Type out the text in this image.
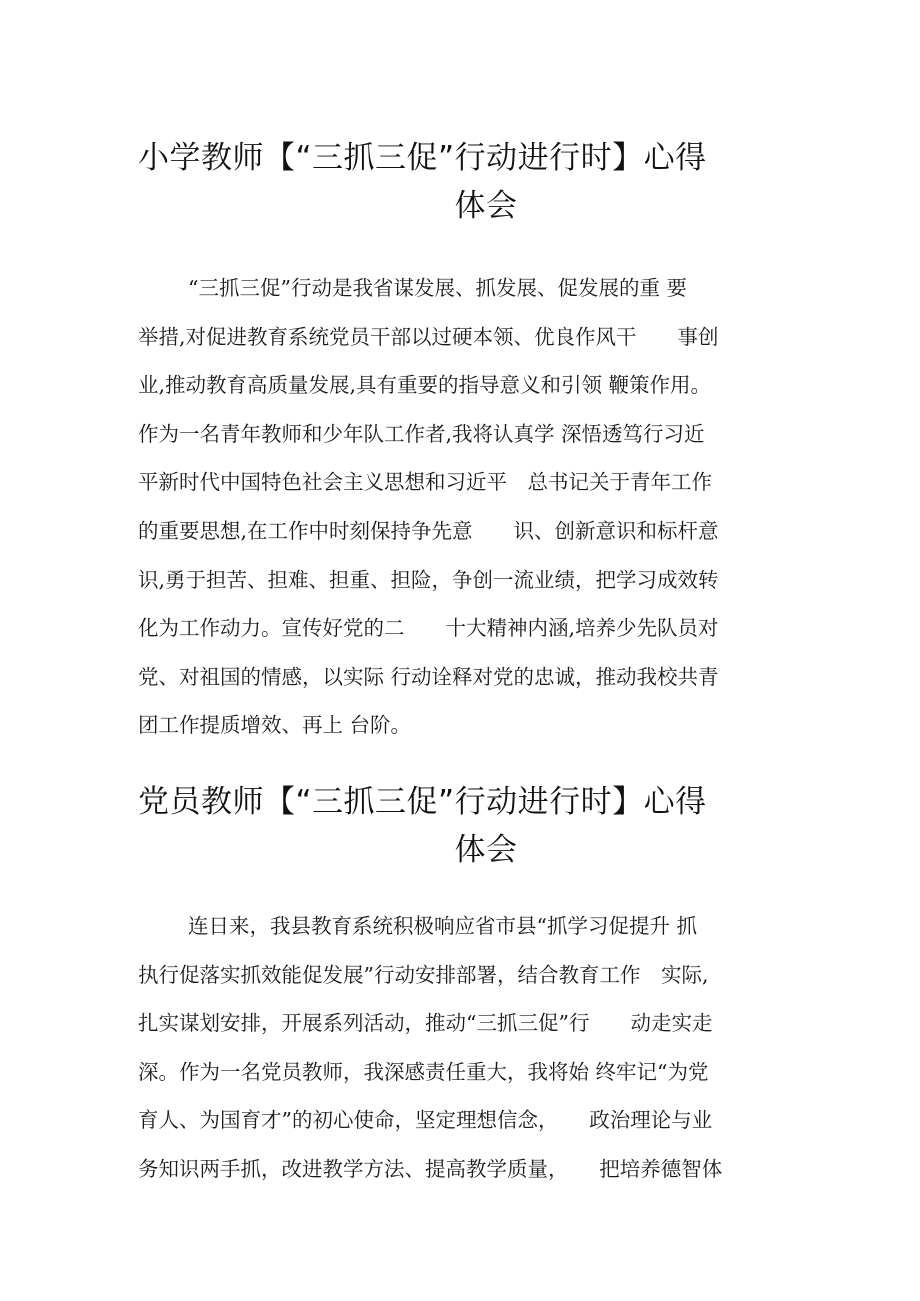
小学教师【“三抓三促”行动进行时】心得
体会
“三抓三促”行动是我省谋发展、抓发展、促发展的重 要
举措,对促进教育系统党员干部以过硬本领、优良作风干　　事创
业,推动教育高质量发展,具有重要的指导意义和引领 鞭策作用。
作为一名青年教师和少年队工作者,我将认真学 深悟透笃行习近
平新时代中国特色社会主义思想和习近平　总书记关于青年工作
的重要思想,在工作中时刻保持争先意　　识、创新意识和标杆意
识,勇于担苦、担难、担重、担险，争创一流业绩，把学习成效转
化为工作动力。宣传好党的二　　十大精神内涵,培养少先队员对
党、对祖国的情感，以实际 行动诠释对党的忠诚，推动我校共青
团工作提质增效、再上 台阶。
党员教师【“三抓三促”行动进行时】心得
体会
连日来，我县教育系统积极响应省市县“抓学习促提升 抓
执行促落实抓效能促发展”行动安排部署，结合教育工作　实际,
扎实谋划安排，开展系列活动，推动“三抓三促”行　　动走实走
深。作为一名党员教师，我深感责任重大，我将始 终牢记“为党
育人、为国育才”的初心使命，坚定理想信念，　　政治理论与业
务知识两手抓，改进教学方法、提高教学质量，　　把培养德智体
